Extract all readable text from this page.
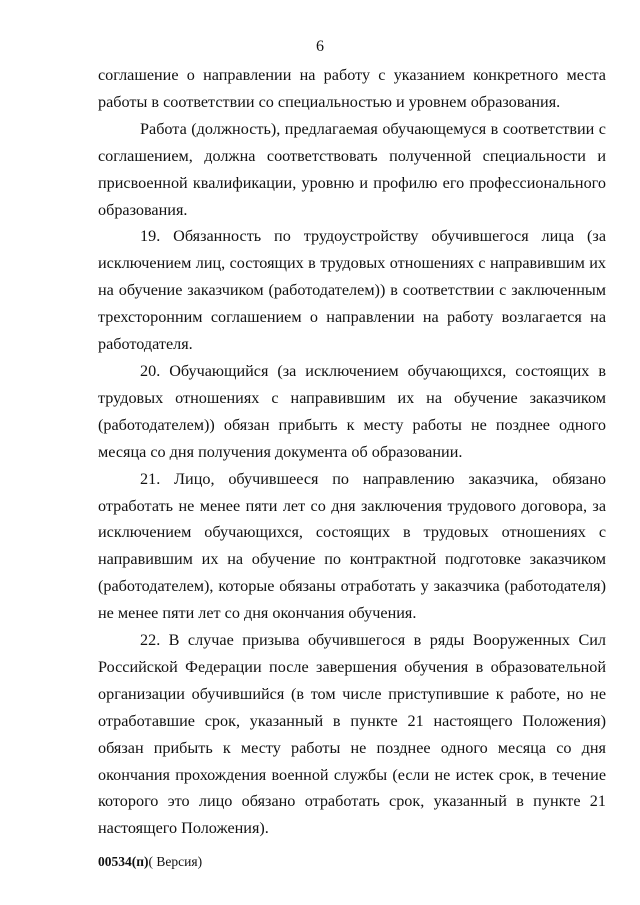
6

соглашение о направлении на работу с указанием конкретного места работы в соответствии со специальностью и уровнем образования.

Работа (должность), предлагаемая обучающемуся в соответствии с соглашением, должна соответствовать полученной специальности и присвоенной квалификации, уровню и профилю его профессионального образования.

19. Обязанность по трудоустройству обучившегося лица (за исключением лиц, состоящих в трудовых отношениях с направившим их на обучение заказчиком (работодателем)) в соответствии с заключенным трехсторонним соглашением о направлении на работу возлагается на работодателя.

20. Обучающийся (за исключением обучающихся, состоящих в трудовых отношениях с направившим их на обучение заказчиком (работодателем)) обязан прибыть к месту работы не позднее одного месяца со дня получения документа об образовании.

21. Лицо, обучившееся по направлению заказчика, обязано отработать не менее пяти лет со дня заключения трудового договора, за исключением обучающихся, состоящих в трудовых отношениях с направившим их на обучение по контрактной подготовке заказчиком (работодателем), которые обязаны отработать у заказчика (работодателя) не менее пяти лет со дня окончания обучения.

22. В случае призыва обучившегося в ряды Вооруженных Сил Российской Федерации после завершения обучения в образовательной организации обучившийся (в том числе приступившие к работе, но не отработавшие срок, указанный в пункте 21 настоящего Положения) обязан прибыть к месту работы не позднее одного месяца со дня окончания прохождения военной службы (если не истек срок, в течение которого это лицо обязано отработать срок, указанный в пункте 21 настоящего Положения).

00534(п)( Версия)
